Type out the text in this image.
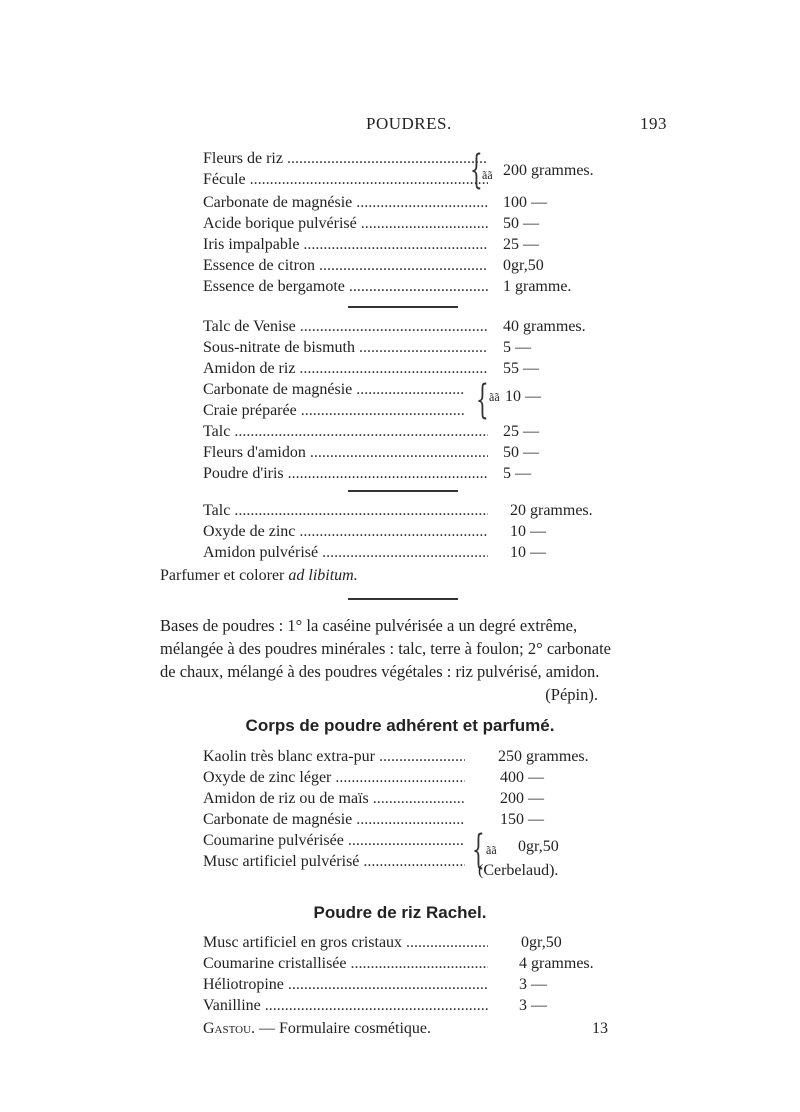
POUDRES.	193
Fleurs de riz .....
Fécule .....	{ ãã 200 grammes.
Carbonate de magnésie .....	100 —
Acide borique pulvérisé .....	50 —
Iris impalpable .....	25 —
Essence de citron .....	0gr,50
Essence de bergamote .....	1 gramme.
Talc de Venise .....	40 grammes.
Sous-nitrate de bismuth .....	5 —
Amidon de riz .....	55 —
Carbonate de magnésie .....
Craie préparée .....	{ ãã 10 —
Talc .....	25 —
Fleurs d'amidon .....	50 —
Poudre d'iris .....	5 —
Talc .....	20 grammes.
Oxyde de zinc .....	10 —
Amidon pulvérisé .....	10 —
Parfumer et colorer ad libitum.
Bases de poudres : 1° la caséine pulvérisée a un degré extrême,
mélangée à des poudres minérales : talc, terre à foulon; 2° carbonate
de chaux, mélangé à des poudres végétales : riz pulvérisé, amidon.
(Pépin).
Corps de poudre adhérent et parfumé.
Kaolin très blanc extra-pur .....	250 grammes.
Oxyde de zinc léger .....	400 —
Amidon de riz ou de maïs .....	200 —
Carbonate de magnésie .....	150 —
Coumarine pulvérisée .....
Musc artificiel pulvérisé .....	{ ãã 0gr,50
(Cerbelaud).
Poudre de riz Rachel.
Musc artificiel en gros cristaux .....	0gr,50
Coumarine cristallisée .....	4 grammes.
Héliotropine .....	3 —
Vanilline .....	3 —
Gastou. — Formulaire cosmétique.	13
